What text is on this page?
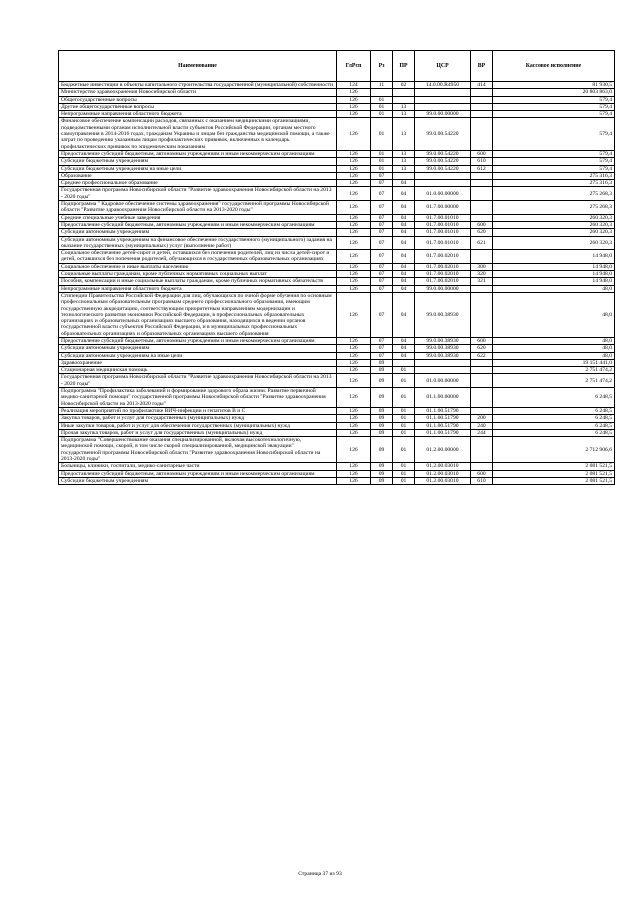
Наименование	ГлРсп	Рз	ПР	ЦСР	ВР	Кассовое исполнение
Бюджетные инвестиции в объекты капитального строительства государственной (муниципальной) собственности	124	11	02	14.0.00.R4950	414	81 930,5
Министерство здравоохранения Новосибирской области	126					20 803 863,0
Общегосударственные вопросы	126	01				579,4
Другие общегосударственные вопросы	126	01	13			579,4
Непрограммные направления областного бюджета	126	01	13	99.0.00.00000		579,4
Финансовое обеспечение компенсации расходов, связанных с оказанием медицинскими организациями, подведомственными органам исполнительной власти субъектов Российской Федерации, органам местного самоуправления в 2014-2016 годах, гражданам Украины и лицам без гражданства медицинской помощи, а также затрат по проведению указанным лицам профилактических прививок, включенных в календарь профилактических прививок по эпидемическим показаниям	126	01	13	99.0.00.54220		579,4
Предоставление субсидий бюджетным, автономным учреждениям и иным некоммерческим организациям	126	01	13	99.0.00.54220	600	579,4
Субсидии бюджетным учреждениям	126	01	13	99.0.00.54220	610	579,4
Субсидии бюджетным учреждениям на иные цели	126	01	13	99.0.00.54220	612	579,4
Образование	126	07				275 316,3
Среднее профессиональное образование	126	07	04			275 316,3
Государственная программа Новосибирской области "Развитие здравоохранения Новосибирской области на 2013 - 2020 годы"	126	07	04	01.0.00.00000		275 268,3
Подпрограмма " Кадровое обеспечение системы здравоохранения" государственной программы Новосибирской области "Развитие здравоохранения Новосибирской области на 2013-2020 годы"	126	07	04	01.7.00.00000		275 268,3
Средние специальные учебные заведения	126	07	04	01.7.00.01010		260 320,3
Предоставление субсидий бюджетным, автономным учреждениям и иным некоммерческим организациям	126	07	04	01.7.00.01010	600	260 320,3
Субсидии автономным учреждениям	126	07	04	01.7.00.01010	620	260 320,3
Субсидии автономным учреждениям на финансовое обеспечение государственного (муниципального) задания на оказание государственных (муниципальных) услуг (выполнение работ)	126	07	04	01.7.00.01010	621	260 320,3
Социальное обеспечение детей-сирот и детей, оставшихся без попечения родителей, лиц из числа детей-сирот и детей, оставшихся без попечения родителей, обучающихся в государственных образовательных организациях	126	07	04	01.7.00.02010		14 948,0
Социальное обеспечение и иные выплаты населению	126	07	04	01.7.00.02010	300	14 948,0
Социальные выплаты гражданам, кроме публичных нормативных социальных выплат	126	07	04	01.7.00.02010	320	14 948,0
Пособия, компенсации и иные социальные выплаты гражданам, кроме публичных нормативных обязательств	126	07	04	01.7.00.02010	321	14 948,0
Непрограммные направления областного бюджета	126	07	04	99.0.00.00000		48,0
Стипендии Правительства Российской Федерации для лиц, обучающихся по очной форме обучения по основным профессиональным образовательным программам среднего профессионального образования, имеющим государственную аккредитацию, соответствующим приоритетным направлениям модернизации и технологического развития экономики Российской Федерации, в профессиональных образовательных организациях и образовательных организациях высшего образования, находящихся в ведении органов государственной власти субъектов Российской Федерации, и в муниципальных профессиональных образовательных организациях и образовательных организациях высшего образования	126	07	04	99.0.00.38930		48,0
Предоставление субсидий бюджетным, автономным учреждениям и иным некоммерческим организациям	126	07	04	99.0.00.38930	600	48,0
Субсидии автономным учреждениям	126	07	04	99.0.00.38930	620	48,0
Субсидии автономным учреждениям на иные цели	126	07	04	99.0.00.38930	622	48,0
Здравоохранение	126	09				19 151 441,0
Стационарная медицинская помощь	126	09	01			2 751 474,2
Государственная программа Новосибирской области "Развитие здравоохранения Новосибирской области на 2013 - 2020 годы"	126	09	01	01.0.00.00000		2 751 474,2
Подпрограмма "Профилактика заболеваний и формирование здорового образа жизни. Развитие первичной медико-санитарной помощи" государственной программы Новосибирской области "Развитие здравоохранения Новосибирской области на 2013-2020 годы"	126	09	01	01.1.00.00000		6 248,5
Реализация мероприятий по профилактике ВИЧ-инфекции и гепатитов B и C	126	09	01	01.1.00.51790		6 248,5
Закупка товаров, работ и услуг для государственных (муниципальных) нужд	126	09	01	01.1.00.51790	200	6 248,5
Иные закупки товаров, работ и услуг для обеспечения государственных (муниципальных) нужд	126	09	01	01.1.00.51790	240	6 248,5
Прочая закупка товаров, работ и услуг для государственных (муниципальных) нужд	126	09	01	01.1.00.51790	244	6 248,5
Подпрограмма "Совершенствование оказания специализированной, включая высокотехнологичную, медицинской помощи, скорой, в том числе скорой специализированной, медицинской эвакуации" государственной программы Новосибирской области "Развитие здравоохранения Новосибирской области на 2013-2020 годы"	126	09	01	01.2.00.00000		2 712 906,6
Больницы, клиники, госпитали, медико-санитарные части	126	09	01	01.2.00.03010		2 081 521,5
Предоставление субсидий бюджетным, автономным учреждениям и иным некоммерческим организациям	126	09	01	01.2.00.03010	600	2 081 521,5
Субсидии бюджетным учреждениям	126	09	01	01.2.00.03010	610	2 081 521,5
Страница 37 из 93
